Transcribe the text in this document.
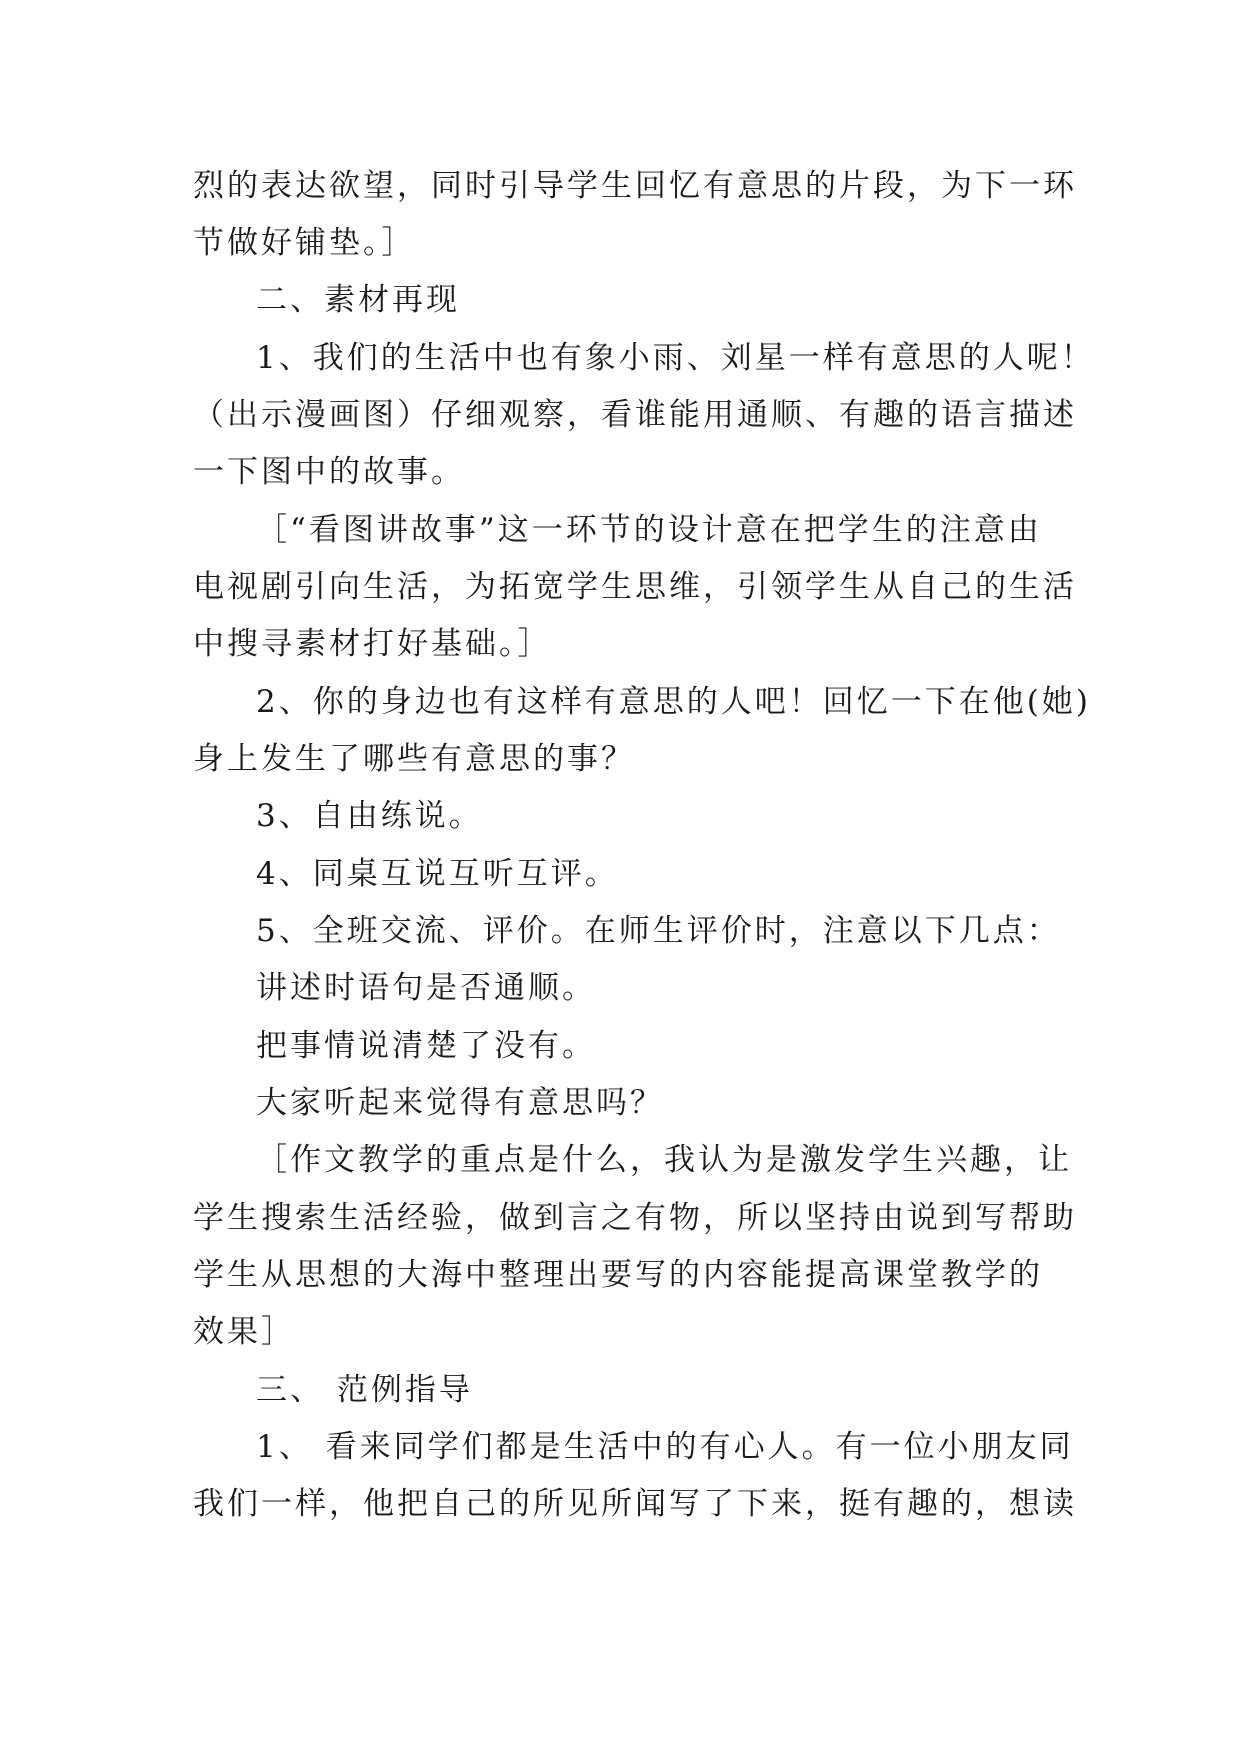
烈的表达欲望，同时引导学生回忆有意思的片段，为下一环
节做好铺垫。］
二、素材再现
1、我们的生活中也有象小雨、刘星一样有意思的人呢！
（出示漫画图）仔细观察，看谁能用通顺、有趣的语言描述
一下图中的故事。
［“看图讲故事”这一环节的设计意在把学生的注意由
电视剧引向生活，为拓宽学生思维，引领学生从自己的生活
中搜寻素材打好基础。］
2、你的身边也有这样有意思的人吧！回忆一下在他(她)
身上发生了哪些有意思的事？
3、自由练说。
4、同桌互说互听互评。
5、全班交流、评价。在师生评价时，注意以下几点：
讲述时语句是否通顺。
把事情说清楚了没有。
大家听起来觉得有意思吗？
［作文教学的重点是什么，我认为是激发学生兴趣，让
学生搜索生活经验，做到言之有物，所以坚持由说到写帮助
学生从思想的大海中整理出要写的内容能提高课堂教学的
效果］
三、 范例指导
1、 看来同学们都是生活中的有心人。有一位小朋友同
我们一样，他把自己的所见所闻写了下来，挺有趣的，想读
